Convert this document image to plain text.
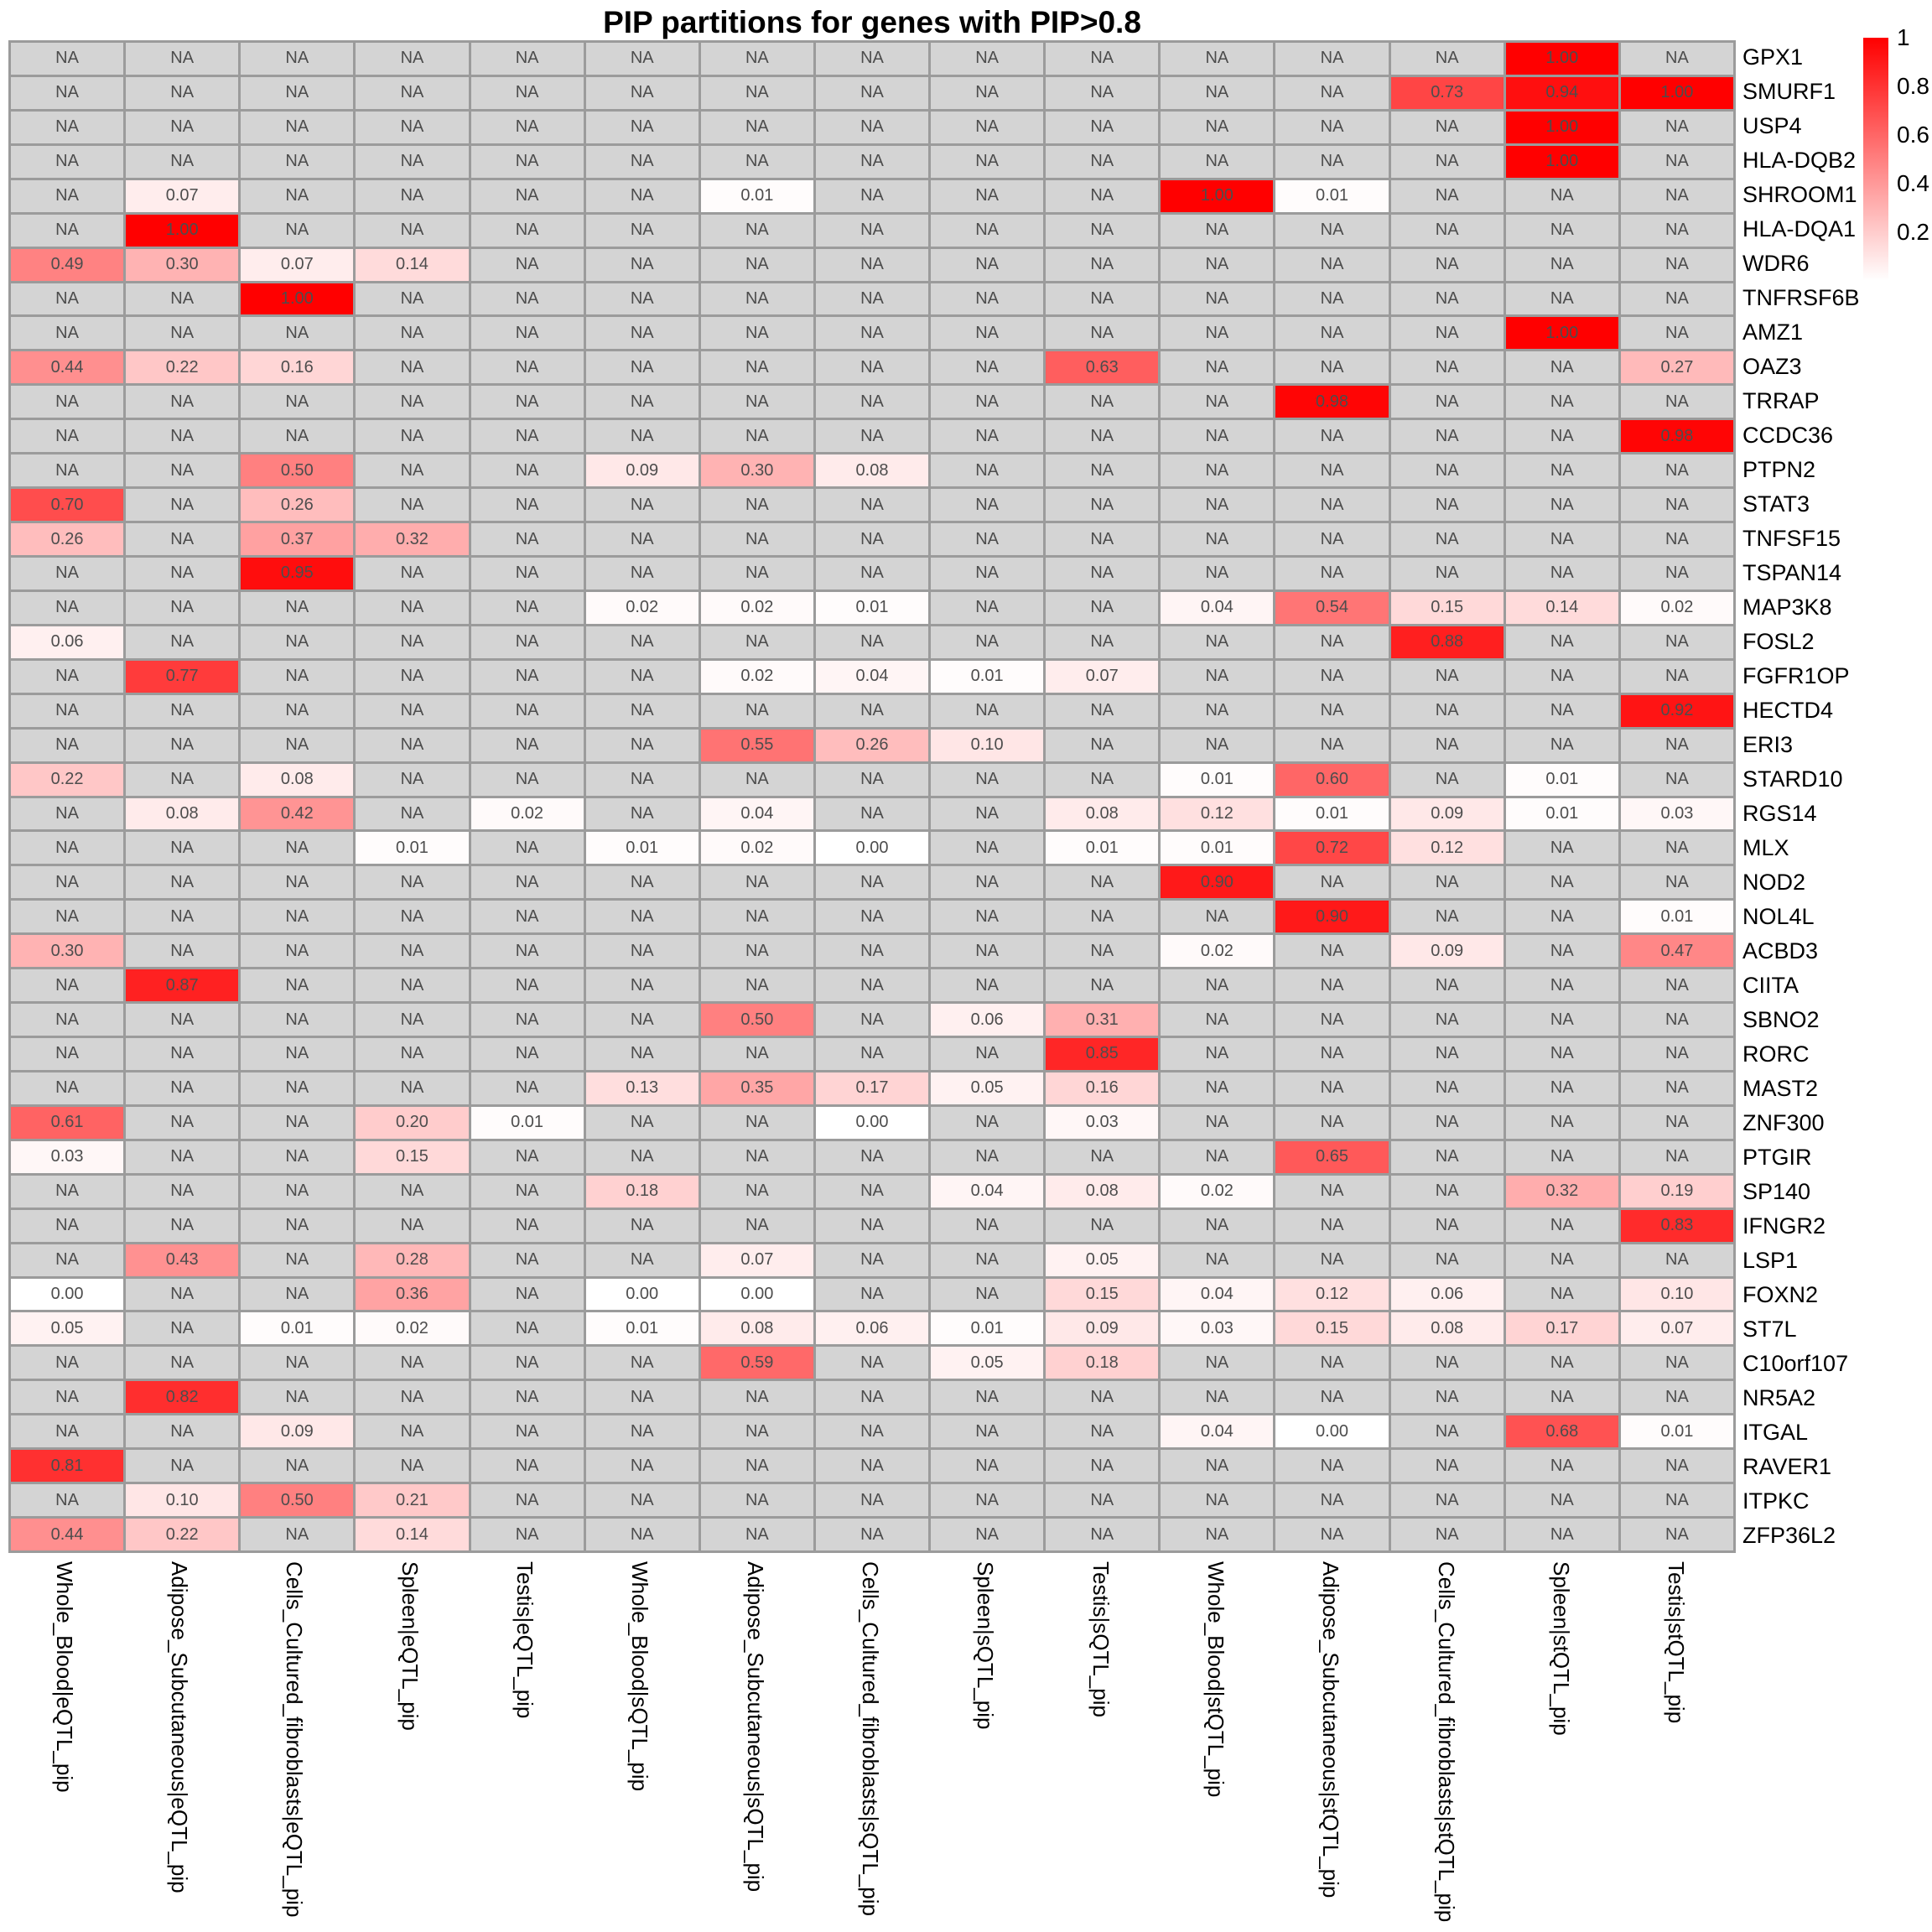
PIP partitions for genes with PIP>0.8
NA	NA	NA	NA	NA	NA	NA	NA	NA	NA	NA	NA	NA	1.00	NA
NA	NA	NA	NA	NA	NA	NA	NA	NA	NA	NA	NA	0.73	0.94	1.00
NA	NA	NA	NA	NA	NA	NA	NA	NA	NA	NA	NA	NA	1.00	NA
NA	NA	NA	NA	NA	NA	NA	NA	NA	NA	NA	NA	NA	1.00	NA
NA	0.07	NA	NA	NA	NA	0.01	NA	NA	NA	1.00	0.01	NA	NA	NA
NA	1.00	NA	NA	NA	NA	NA	NA	NA	NA	NA	NA	NA	NA	NA
0.49	0.30	0.07	0.14	NA	NA	NA	NA	NA	NA	NA	NA	NA	NA	NA
NA	NA	1.00	NA	NA	NA	NA	NA	NA	NA	NA	NA	NA	NA	NA
NA	NA	NA	NA	NA	NA	NA	NA	NA	NA	NA	NA	NA	1.00	NA
0.44	0.22	0.16	NA	NA	NA	NA	NA	NA	0.63	NA	NA	NA	NA	0.27
NA	NA	NA	NA	NA	NA	NA	NA	NA	NA	NA	0.98	NA	NA	NA
NA	NA	NA	NA	NA	NA	NA	NA	NA	NA	NA	NA	NA	NA	0.98
NA	NA	0.50	NA	NA	0.09	0.30	0.08	NA	NA	NA	NA	NA	NA	NA
0.70	NA	0.26	NA	NA	NA	NA	NA	NA	NA	NA	NA	NA	NA	NA
0.26	NA	0.37	0.32	NA	NA	NA	NA	NA	NA	NA	NA	NA	NA	NA
NA	NA	0.95	NA	NA	NA	NA	NA	NA	NA	NA	NA	NA	NA	NA
NA	NA	NA	NA	NA	0.02	0.02	0.01	NA	NA	0.04	0.54	0.15	0.14	0.02
0.06	NA	NA	NA	NA	NA	NA	NA	NA	NA	NA	NA	0.88	NA	NA
NA	0.77	NA	NA	NA	NA	0.02	0.04	0.01	0.07	NA	NA	NA	NA	NA
NA	NA	NA	NA	NA	NA	NA	NA	NA	NA	NA	NA	NA	NA	0.92
NA	NA	NA	NA	NA	NA	0.55	0.26	0.10	NA	NA	NA	NA	NA	NA
0.22	NA	0.08	NA	NA	NA	NA	NA	NA	NA	0.01	0.60	NA	0.01	NA
NA	0.08	0.42	NA	0.02	NA	0.04	NA	NA	0.08	0.12	0.01	0.09	0.01	0.03
NA	NA	NA	0.01	NA	0.01	0.02	0.00	NA	0.01	0.01	0.72	0.12	NA	NA
NA	NA	NA	NA	NA	NA	NA	NA	NA	NA	0.90	NA	NA	NA	NA
NA	NA	NA	NA	NA	NA	NA	NA	NA	NA	NA	0.90	NA	NA	0.01
0.30	NA	NA	NA	NA	NA	NA	NA	NA	NA	0.02	NA	0.09	NA	0.47
NA	0.87	NA	NA	NA	NA	NA	NA	NA	NA	NA	NA	NA	NA	NA
NA	NA	NA	NA	NA	NA	0.50	NA	0.06	0.31	NA	NA	NA	NA	NA
NA	NA	NA	NA	NA	NA	NA	NA	NA	0.85	NA	NA	NA	NA	NA
NA	NA	NA	NA	NA	0.13	0.35	0.17	0.05	0.16	NA	NA	NA	NA	NA
0.61	NA	NA	0.20	0.01	NA	NA	0.00	NA	0.03	NA	NA	NA	NA	NA
0.03	NA	NA	0.15	NA	NA	NA	NA	NA	NA	NA	0.65	NA	NA	NA
NA	NA	NA	NA	NA	0.18	NA	NA	0.04	0.08	0.02	NA	NA	0.32	0.19
NA	NA	NA	NA	NA	NA	NA	NA	NA	NA	NA	NA	NA	NA	0.83
NA	0.43	NA	0.28	NA	NA	0.07	NA	NA	0.05	NA	NA	NA	NA	NA
0.00	NA	NA	0.36	NA	0.00	0.00	NA	NA	0.15	0.04	0.12	0.06	NA	0.10
0.05	NA	0.01	0.02	NA	0.01	0.08	0.06	0.01	0.09	0.03	0.15	0.08	0.17	0.07
NA	NA	NA	NA	NA	NA	0.59	NA	0.05	0.18	NA	NA	NA	NA	NA
NA	0.82	NA	NA	NA	NA	NA	NA	NA	NA	NA	NA	NA	NA	NA
NA	NA	0.09	NA	NA	NA	NA	NA	NA	NA	0.04	0.00	NA	0.68	0.01
0.81	NA	NA	NA	NA	NA	NA	NA	NA	NA	NA	NA	NA	NA	NA
NA	0.10	0.50	0.21	NA	NA	NA	NA	NA	NA	NA	NA	NA	NA	NA
0.44	0.22	NA	0.14	NA	NA	NA	NA	NA	NA	NA	NA	NA	NA	NA
GPX1
SMURF1
USP4
HLA-DQB2
SHROOM1
HLA-DQA1
WDR6
TNFRSF6B
AMZ1
OAZ3
TRRAP
CCDC36
PTPN2
STAT3
TNFSF15
TSPAN14
MAP3K8
FOSL2
FGFR1OP
HECTD4
ERI3
STARD10
RGS14
MLX
NOD2
NOL4L
ACBD3
CIITA
SBNO2
RORC
MAST2
ZNF300
PTGIR
SP140
IFNGR2
LSP1
FOXN2
ST7L
C10orf107
NR5A2
ITGAL
RAVER1
ITPKC
ZFP36L2
Whole_Blood|eQTL_pip	Adipose_Subcutaneous|eQTL_pip	Cells_Cultured_fibroblasts|eQTL_pip	Spleen|eQTL_pip	Testis|eQTL_pip	Whole_Blood|sQTL_pip	Adipose_Subcutaneous|sQTL_pip	Cells_Cultured_fibroblasts|sQTL_pip	Spleen|sQTL_pip	Testis|sQTL_pip	Whole_Blood|stQTL_pip	Adipose_Subcutaneous|stQTL_pip	Cells_Cultured_fibroblasts|stQTL_pip	Spleen|stQTL_pip	Testis|stQTL_pip
1
0.8
0.6
0.4
0.2
